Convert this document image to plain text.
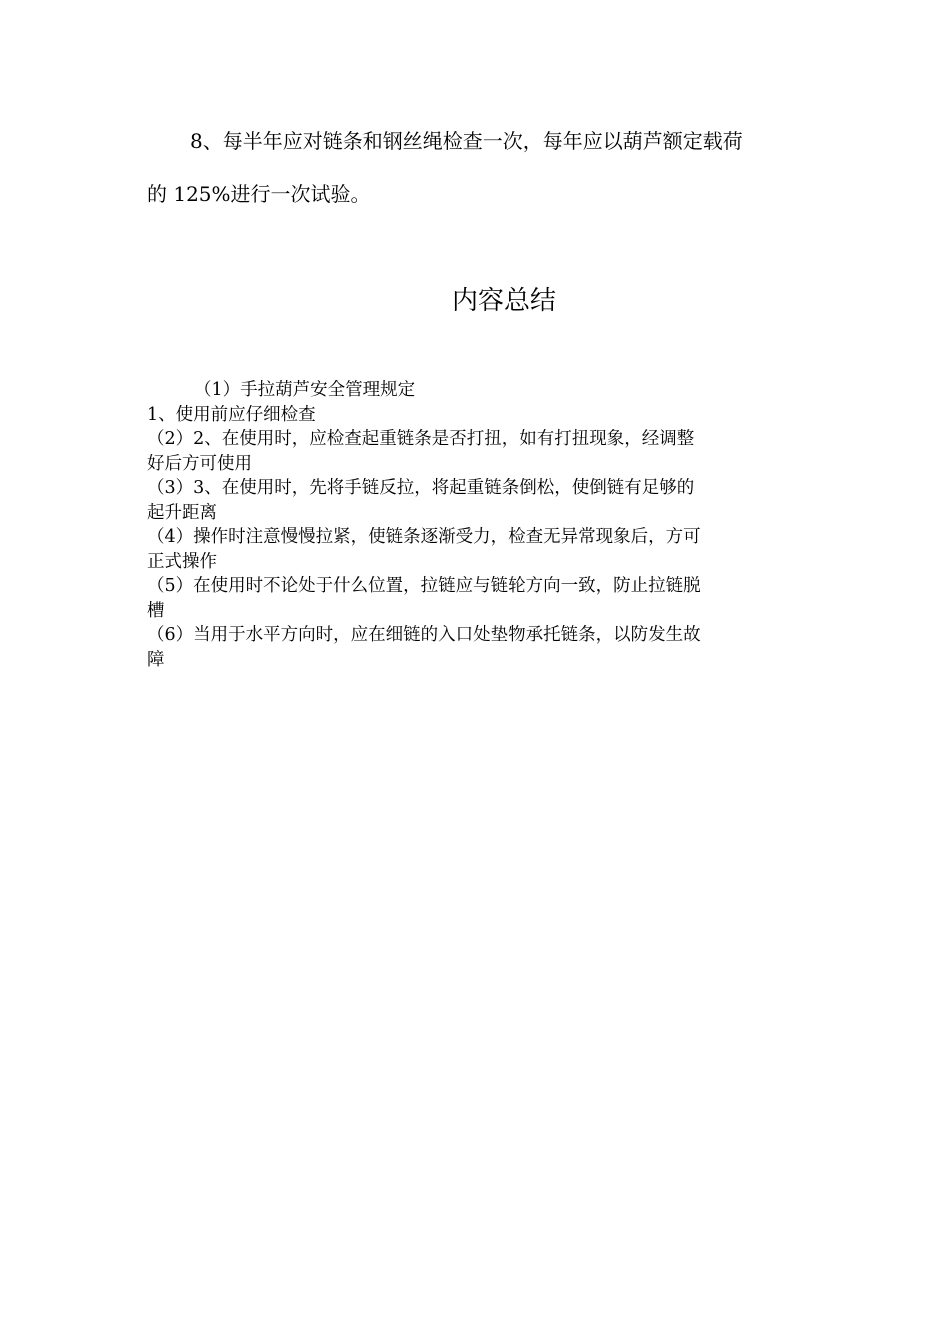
8、每半年应对链条和钢丝绳检查一次，每年应以葫芦额定载荷
的 125%进行一次试验。
内容总结
（1）手拉葫芦安全管理规定
1、使用前应仔细检查
（2）2、在使用时，应检查起重链条是否打扭，如有打扭现象，经调整
好后方可使用
（3）3、在使用时，先将手链反拉，将起重链条倒松，使倒链有足够的
起升距离
（4）操作时注意慢慢拉紧，使链条逐渐受力，检查无异常现象后，方可
正式操作
（5）在使用时不论处于什么位置，拉链应与链轮方向一致，防止拉链脱
槽
（6）当用于水平方向时，应在细链的入口处垫物承托链条，以防发生故
障
